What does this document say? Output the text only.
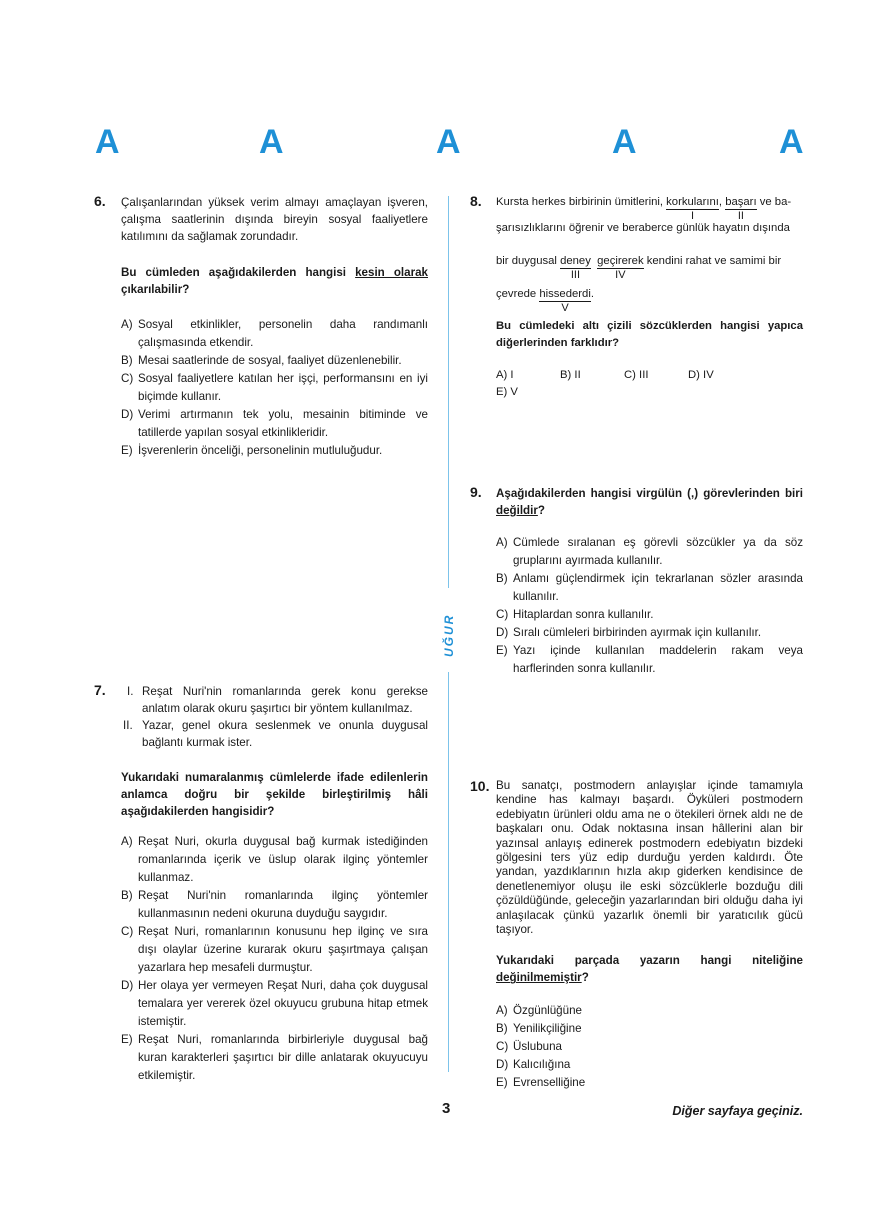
A	A	A	A	A
UĞUR
6. Çalışanlarından yüksek verim almayı amaçlayan işveren, çalışma saatlerinin dışında bireyin sosyal faaliyetlere katılımını da sağlamak zorundadır.

Bu cümleden aşağıdakilerden hangisi kesin olarak çıkarılabilir?

A) Sosyal etkinlikler, personelin daha randımanlı çalışmasında etkendir.

B) Mesai saatlerinde de sosyal, faaliyet düzenlenebilir.

C) Sosyal faaliyetlere katılan her işçi, performansını en iyi biçimde kullanır.

D) Verimi artırmanın tek yolu, mesainin bitiminde ve tatillerde yapılan sosyal etkinlikleridir.

E) İşverenlerin önceliği, personelinin mutluluğudur.

7. I. Reşat Nuri'nin romanlarında gerek konu gerekse anlatım olarak okuru şaşırtıcı bir yöntem kullanılmaz.

II. Yazar, genel okura seslenmek ve onunla duygusal bağlantı kurmak ister.

Yukarıdaki numaralanmış cümlelerde ifade edilenlerin anlamca doğru bir şekilde birleştirilmiş hâli aşağıdakilerden hangisidir?

A) Reşat Nuri, okurla duygusal bağ kurmak istediğinden romanlarında içerik ve üslup olarak ilginç yöntemler kullanmaz.

B) Reşat Nuri'nin romanlarında ilginç yöntemler kullanmasının nedeni okuruna duyduğu saygıdır.

C) Reşat Nuri, romanlarının konusunu hep ilginç ve sıra dışı olaylar üzerine kurarak okuru şaşırtmaya çalışan yazarlara hep mesafeli durmuştur.

D) Her olaya yer vermeyen Reşat Nuri, daha çok duygusal temalara yer vererek özel okuyucu grubuna hitap etmek istemiştir.

E) Reşat Nuri, romanlarında birbirleriyle duygusal bağ kuran karakterleri şaşırtıcı bir dille anlatarak okuyucuyu etkilemiştir.

8. Kursta herkes birbirinin ümitlerini, korkularını
I
, başarı
II
ve ba-
şarısızlıklarını öğrenir ve beraberce günlük hayatın dışında
bir duygusal deney
III
geçirerek
IV
kendini rahat ve samimi bir
çevrede hissederdi
V
.

Bu cümledeki altı çizili sözcüklerden hangisi yapıca diğerlerinden farklıdır?

A) I	B) II	C) III	D) IVE) V
9. Aşağıdakilerden hangisi virgülün (,) görevlerinden biri değildir?

A) Cümlede sıralanan eş görevli sözcükler ya da söz gruplarını ayırmada kullanılır.

B) Anlamı güçlendirmek için tekrarlanan sözler arasında kullanılır.

C) Hitaplardan sonra kullanılır.

D) Sıralı cümleleri birbirinden ayırmak için kullanılır.

E) Yazı içinde kullanılan maddelerin rakam veya harflerinden sonra kullanılır.

10. Bu sanatçı, postmodern anlayışlar içinde tamamıyla kendine has kalmayı başardı. Öyküleri postmodern edebiyatın ürünleri oldu ama ne o ötekileri örnek aldı ne de başkaları onu. Odak noktasına insan hâllerini alan bir yazınsal anlayış edinerek postmodern edebiyatın bizdeki gölgesini ters yüz edip durduğu yerden kaldırdı. Öte yandan, yazdıklarının hızla akıp giderken kendisince de denetlenemiyor oluşu ile eski sözcüklerle bozduğu dili çözüldüğünde, geleceğin yazarlarından biri olduğu daha iyi anlaşılacak çünkü yazarlık önemli bir yaratıcılık gücü taşıyor.

Yukarıdaki parçada yazarın hangi niteliğine değinilmemiştir?

A) Özgünlüğüne

B) Yenilikçiliğine

C) Üslubuna

D) Kalıcılığına

E) Evrenselliğine

3	Diğer sayfaya geçiniz.
